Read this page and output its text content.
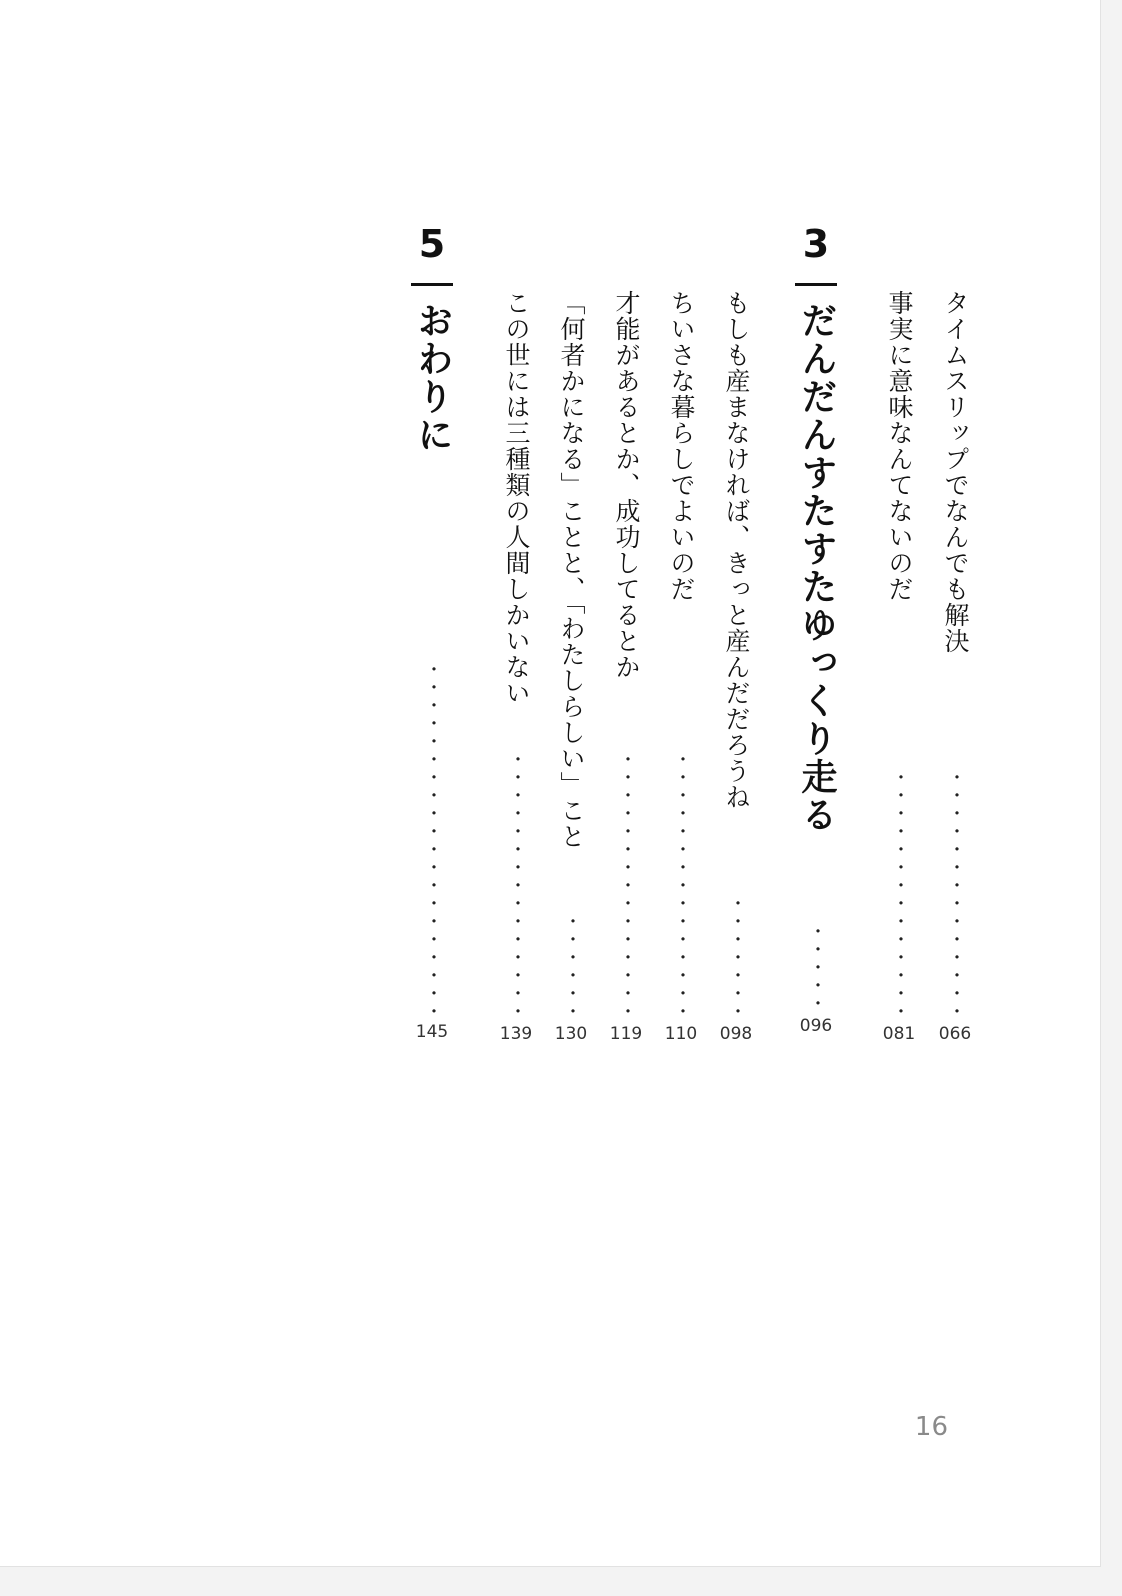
タイムスリップでなんでも解決
・・・・・・・・・・・・・・
066
事実に意味なんてないのだ
・・・・・・・・・・・・・・
081
3
だんだんすたすたゆっくり走る
・・・・・
096
もしも産まなければ、きっと産んだだろうね
・・・・・・・
098
ちいさな暮らしでよいのだ
・・・・・・・・・・・・・・・
110
才能があるとか、成功してるとか
・・・・・・・・・・・・・・・
119
「何者かになる」ことと、「わたしらしい」こと
・・・・・・
130
この世には三種類の人間しかいない
・・・・・・・・・・・・・・・
139
5
おわりに
・・・・・・・・・・・・・・・・・・・・
145
16
